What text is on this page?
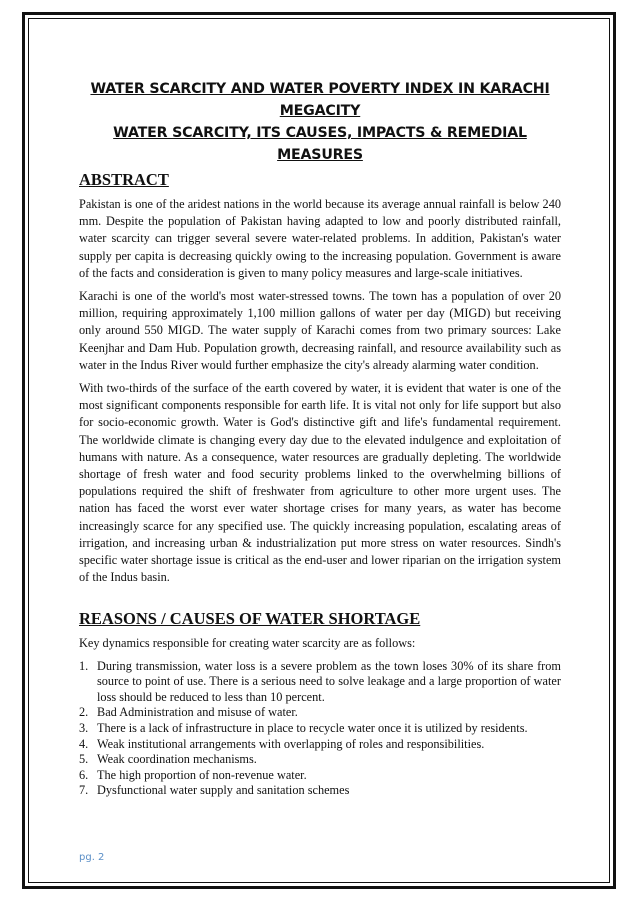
WATER SCARCITY AND WATER POVERTY INDEX IN KARACHI

MEGACITY

WATER SCARCITY, ITS CAUSES, IMPACTS & REMEDIAL

MEASURES

ABSTRACT

Pakistan is one of the aridest nations in the world because its average annual rainfall is below 240 mm. Despite the population of Pakistan having adapted to low and poorly distributed rainfall, water scarcity can trigger several severe water-related problems. In addition, Pakistan's water supply per capita is decreasing quickly owing to the increasing population. Government is aware of the facts and consideration is given to many policy measures and large-scale initiatives.

Karachi is one of the world's most water-stressed towns. The town has a population of over 20 million, requiring approximately 1,100 million gallons of water per day (MIGD) but receiving only around 550 MIGD. The water supply of Karachi comes from two primary sources: Lake Keenjhar and Dam Hub. Population growth, decreasing rainfall, and resource availability such as water in the Indus River would further emphasize the city's already alarming water condition.

With two-thirds of the surface of the earth covered by water, it is evident that water is one of the most significant components responsible for earth life. It is vital not only for life support but also for socio-economic growth. Water is God's distinctive gift and life's fundamental requirement. The worldwide climate is changing every day due to the elevated indulgence and exploitation of humans with nature. As a consequence, water resources are gradually depleting. The worldwide shortage of fresh water and food security problems linked to the overwhelming billions of populations required the shift of freshwater from agriculture to other more urgent uses. The nation has faced the worst ever water shortage crises for many years, as water has become increasingly scarce for any specified use. The quickly increasing population, escalating areas of irrigation, and increasing urban & industrialization put more stress on water resources. Sindh's specific water shortage issue is critical as the end-user and lower riparian on the irrigation system of the Indus basin.

REASONS / CAUSES OF WATER SHORTAGE

Key dynamics responsible for creating water scarcity are as follows:

1. During transmission, water loss is a severe problem as the town loses 30% of its share from source to point of use. There is a serious need to solve leakage and a large proportion of water loss should be reduced to less than 10 percent.
2. Bad Administration and misuse of water.
3. There is a lack of infrastructure in place to recycle water once it is utilized by residents.
4. Weak institutional arrangements with overlapping of roles and responsibilities.
5. Weak coordination mechanisms.
6. The high proportion of non-revenue water.
7. Dysfunctional water supply and sanitation schemes
pg. 2
